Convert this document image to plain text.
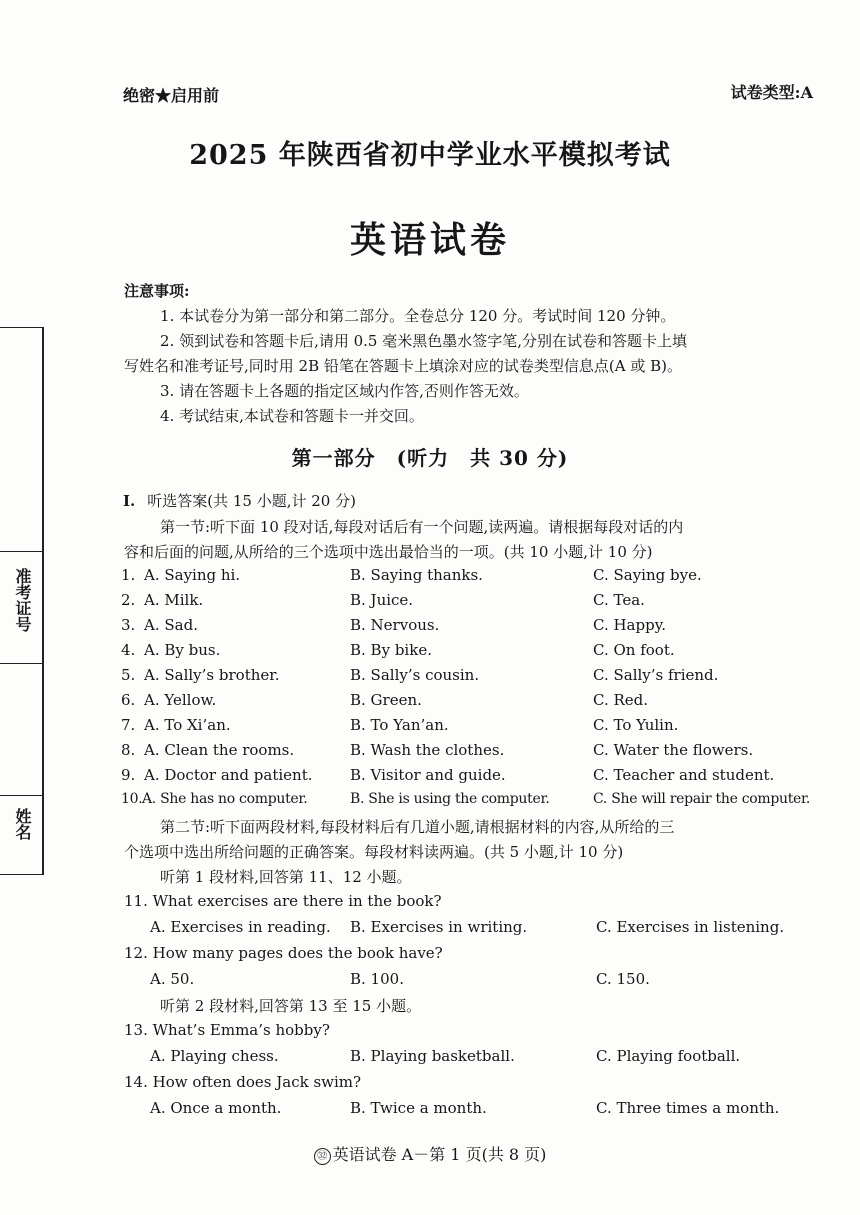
准考证号
姓名
绝密★启用前	试卷类型:A
2025 年陕西省初中学业水平模拟考试
英语试卷
注意事项:
1. 本试卷分为第一部分和第二部分。全卷总分 120 分。考试时间 120 分钟。
2. 领到试卷和答题卡后,请用 0.5 毫米黑色墨水签字笔,分别在试卷和答题卡上填
写姓名和准考证号,同时用 2B 铅笔在答题卡上填涂对应的试卷类型信息点(A 或 B)。
3. 请在答题卡上各题的指定区域内作答,否则作答无效。
4. 考试结束,本试卷和答题卡一并交回。
第一部分　(听力　共 30 分)
Ⅰ. 听选答案(共 15 小题,计 20 分)
第一节:听下面 10 段对话,每段对话后有一个问题,读两遍。请根据每段对话的内
容和后面的问题,从所给的三个选项中选出最恰当的一项。(共 10 小题,计 10 分)
1. A. Saying hi.	B. Saying thanks.	C. Saying bye.
2. A. Milk.	B. Juice.	C. Tea.
3. A. Sad.	B. Nervous.	C. Happy.
4. A. By bus.	B. By bike.	C. On foot.
5. A. Sally’s brother.	B. Sally’s cousin.	C. Sally’s friend.
6. A. Yellow.	B. Green.	C. Red.
7. A. To Xi’an.	B. To Yan’an.	C. To Yulin.
8. A. Clean the rooms.	B. Wash the clothes.	C. Water the flowers.
9. A. Doctor and patient. B. Visitor and guide.	C. Teacher and student.
10. A. She has no computer.	B. She is using the computer.	C. She will repair the computer.
第二节:听下面两段材料,每段材料后有几道小题,请根据材料的内容,从所给的三
个选项中选出所给问题的正确答案。每段材料读两遍。(共 5 小题,计 10 分)
听第 1 段材料,回答第 11、12 小题。
11. What exercises are there in the book?
A. Exercises in reading. B. Exercises in writing.	C. Exercises in listening.
12. How many pages does the book have?
A. 50.	B. 100.	C. 150.
听第 2 段材料,回答第 13 至 15 小题。
13. What’s Emma’s hobby?
A. Playing chess.	B. Playing basketball.	C. Playing football.
14. How often does Jack swim?
A. Once a month.	B. Twice a month.	C. Three times a month.
㉜ 英语试卷 A－第 1 页(共 8 页)
